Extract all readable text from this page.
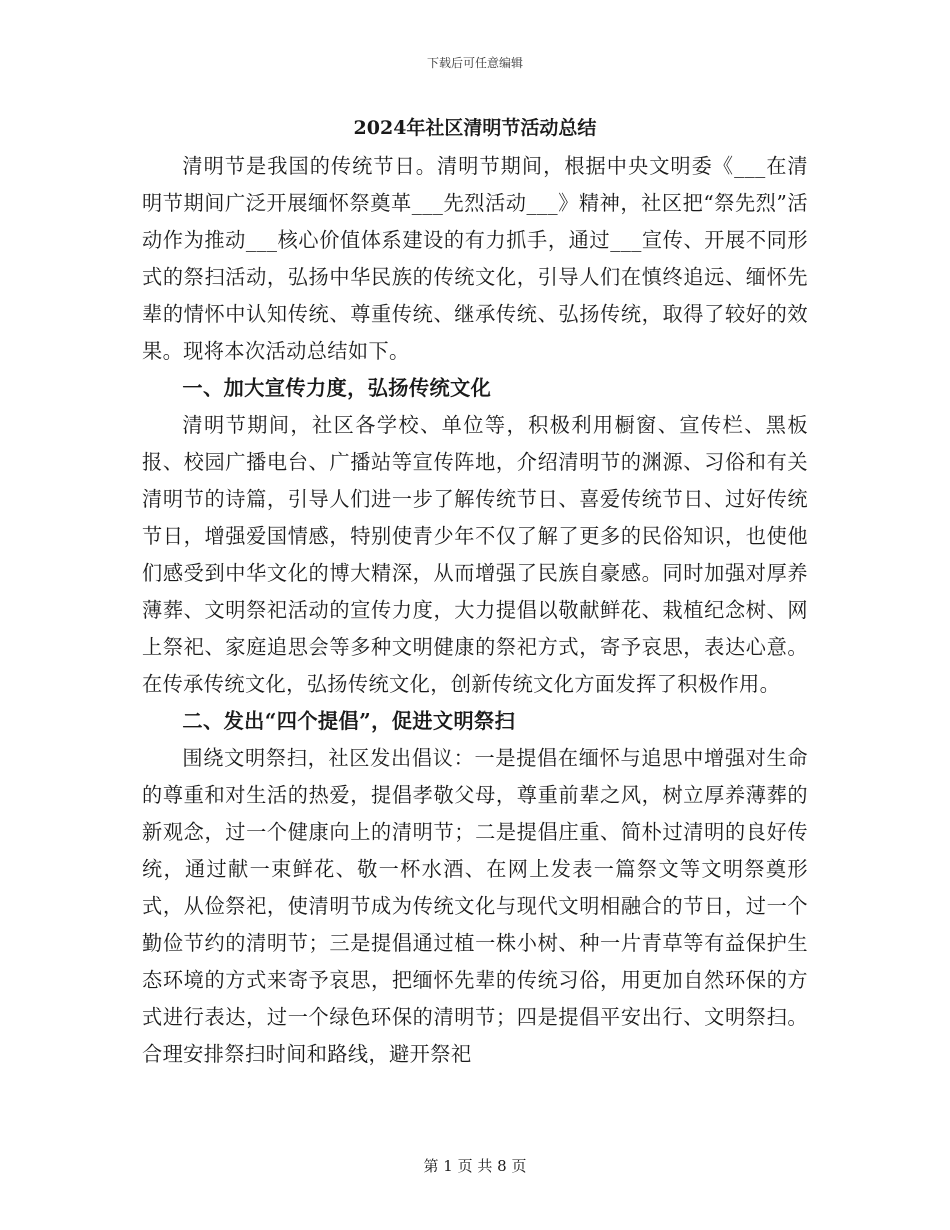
下载后可任意编辑
2024年社区清明节活动总结

清明节是我国的传统节日。清明节期间，根据中央文明委《___在清明节期间广泛开展缅怀祭奠革___先烈活动___》精神，社区把“祭先烈”活动作为推动___核心价值体系建设的有力抓手，通过___宣传、开展不同形式的祭扫活动，弘扬中华民族的传统文化，引导人们在慎终追远、缅怀先辈的情怀中认知传统、尊重传统、继承传统、弘扬传统，取得了较好的效果。现将本次活动总结如下。

一、加大宣传力度，弘扬传统文化

清明节期间，社区各学校、单位等，积极利用橱窗、宣传栏、黑板报、校园广播电台、广播站等宣传阵地，介绍清明节的渊源、习俗和有关清明节的诗篇，引导人们进一步了解传统节日、喜爱传统节日、过好传统节日，增强爱国情感，特别使青少年不仅了解了更多的民俗知识，也使他们感受到中华文化的博大精深，从而增强了民族自豪感。同时加强对厚养薄葬、文明祭祀活动的宣传力度，大力提倡以敬献鲜花、栽植纪念树、网上祭祀、家庭追思会等多种文明健康的祭祀方式，寄予哀思，表达心意。在传承传统文化，弘扬传统文化，创新传统文化方面发挥了积极作用。

二、发出“四个提倡”，促进文明祭扫

围绕文明祭扫，社区发出倡议：一是提倡在缅怀与追思中增强对生命的尊重和对生活的热爱，提倡孝敬父母，尊重前辈之风，树立厚养薄葬的新观念，过一个健康向上的清明节；二是提倡庄重、简朴过清明的良好传统，通过献一束鲜花、敬一杯水酒、在网上发表一篇祭文等文明祭奠形式，从俭祭祀，使清明节成为传统文化与现代文明相融合的节日，过一个勤俭节约的清明节；三是提倡通过植一株小树、种一片青草等有益保护生态环境的方式来寄予哀思，把缅怀先辈的传统习俗，用更加自然环保的方式进行表达，过一个绿色环保的清明节；四是提倡平安出行、文明祭扫。合理安排祭扫时间和路线，避开祭祀

第 1 页 共 8 页
